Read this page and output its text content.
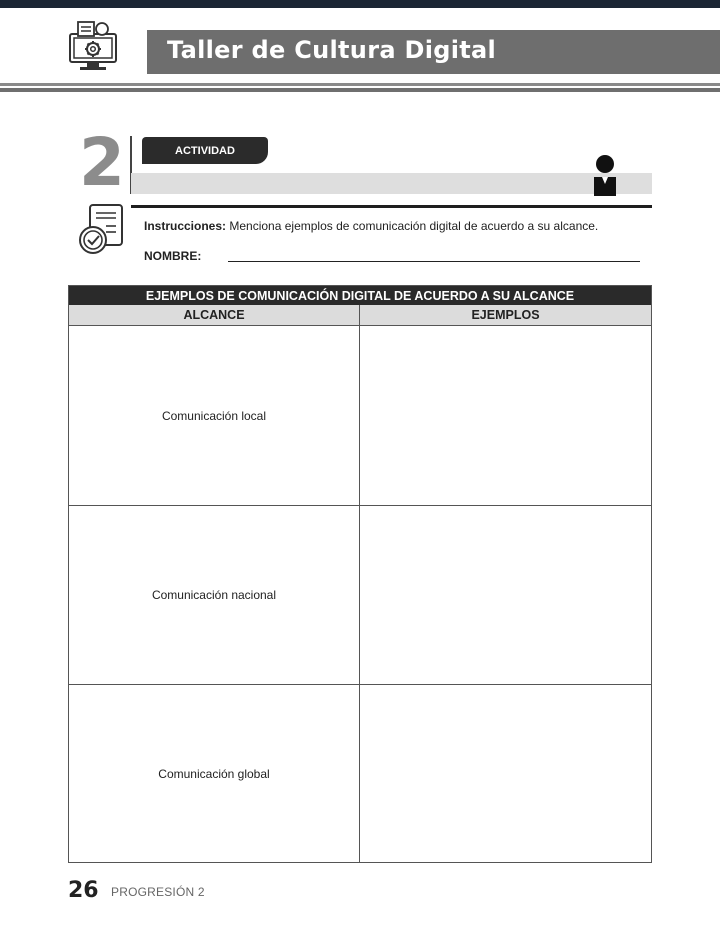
Taller de Cultura Digital
2	ACTIVIDAD
Instrucciones: Menciona ejemplos de comunicación digital de acuerdo a su alcance.
NOMBRE:
EJEMPLOS DE COMUNICACIÓN DIGITAL DE ACUERDO A SU ALCANCE
ALCANCE	EJEMPLOS
Comunicación local
Comunicación nacional
Comunicación global
26 PROGRESIÓN 2
